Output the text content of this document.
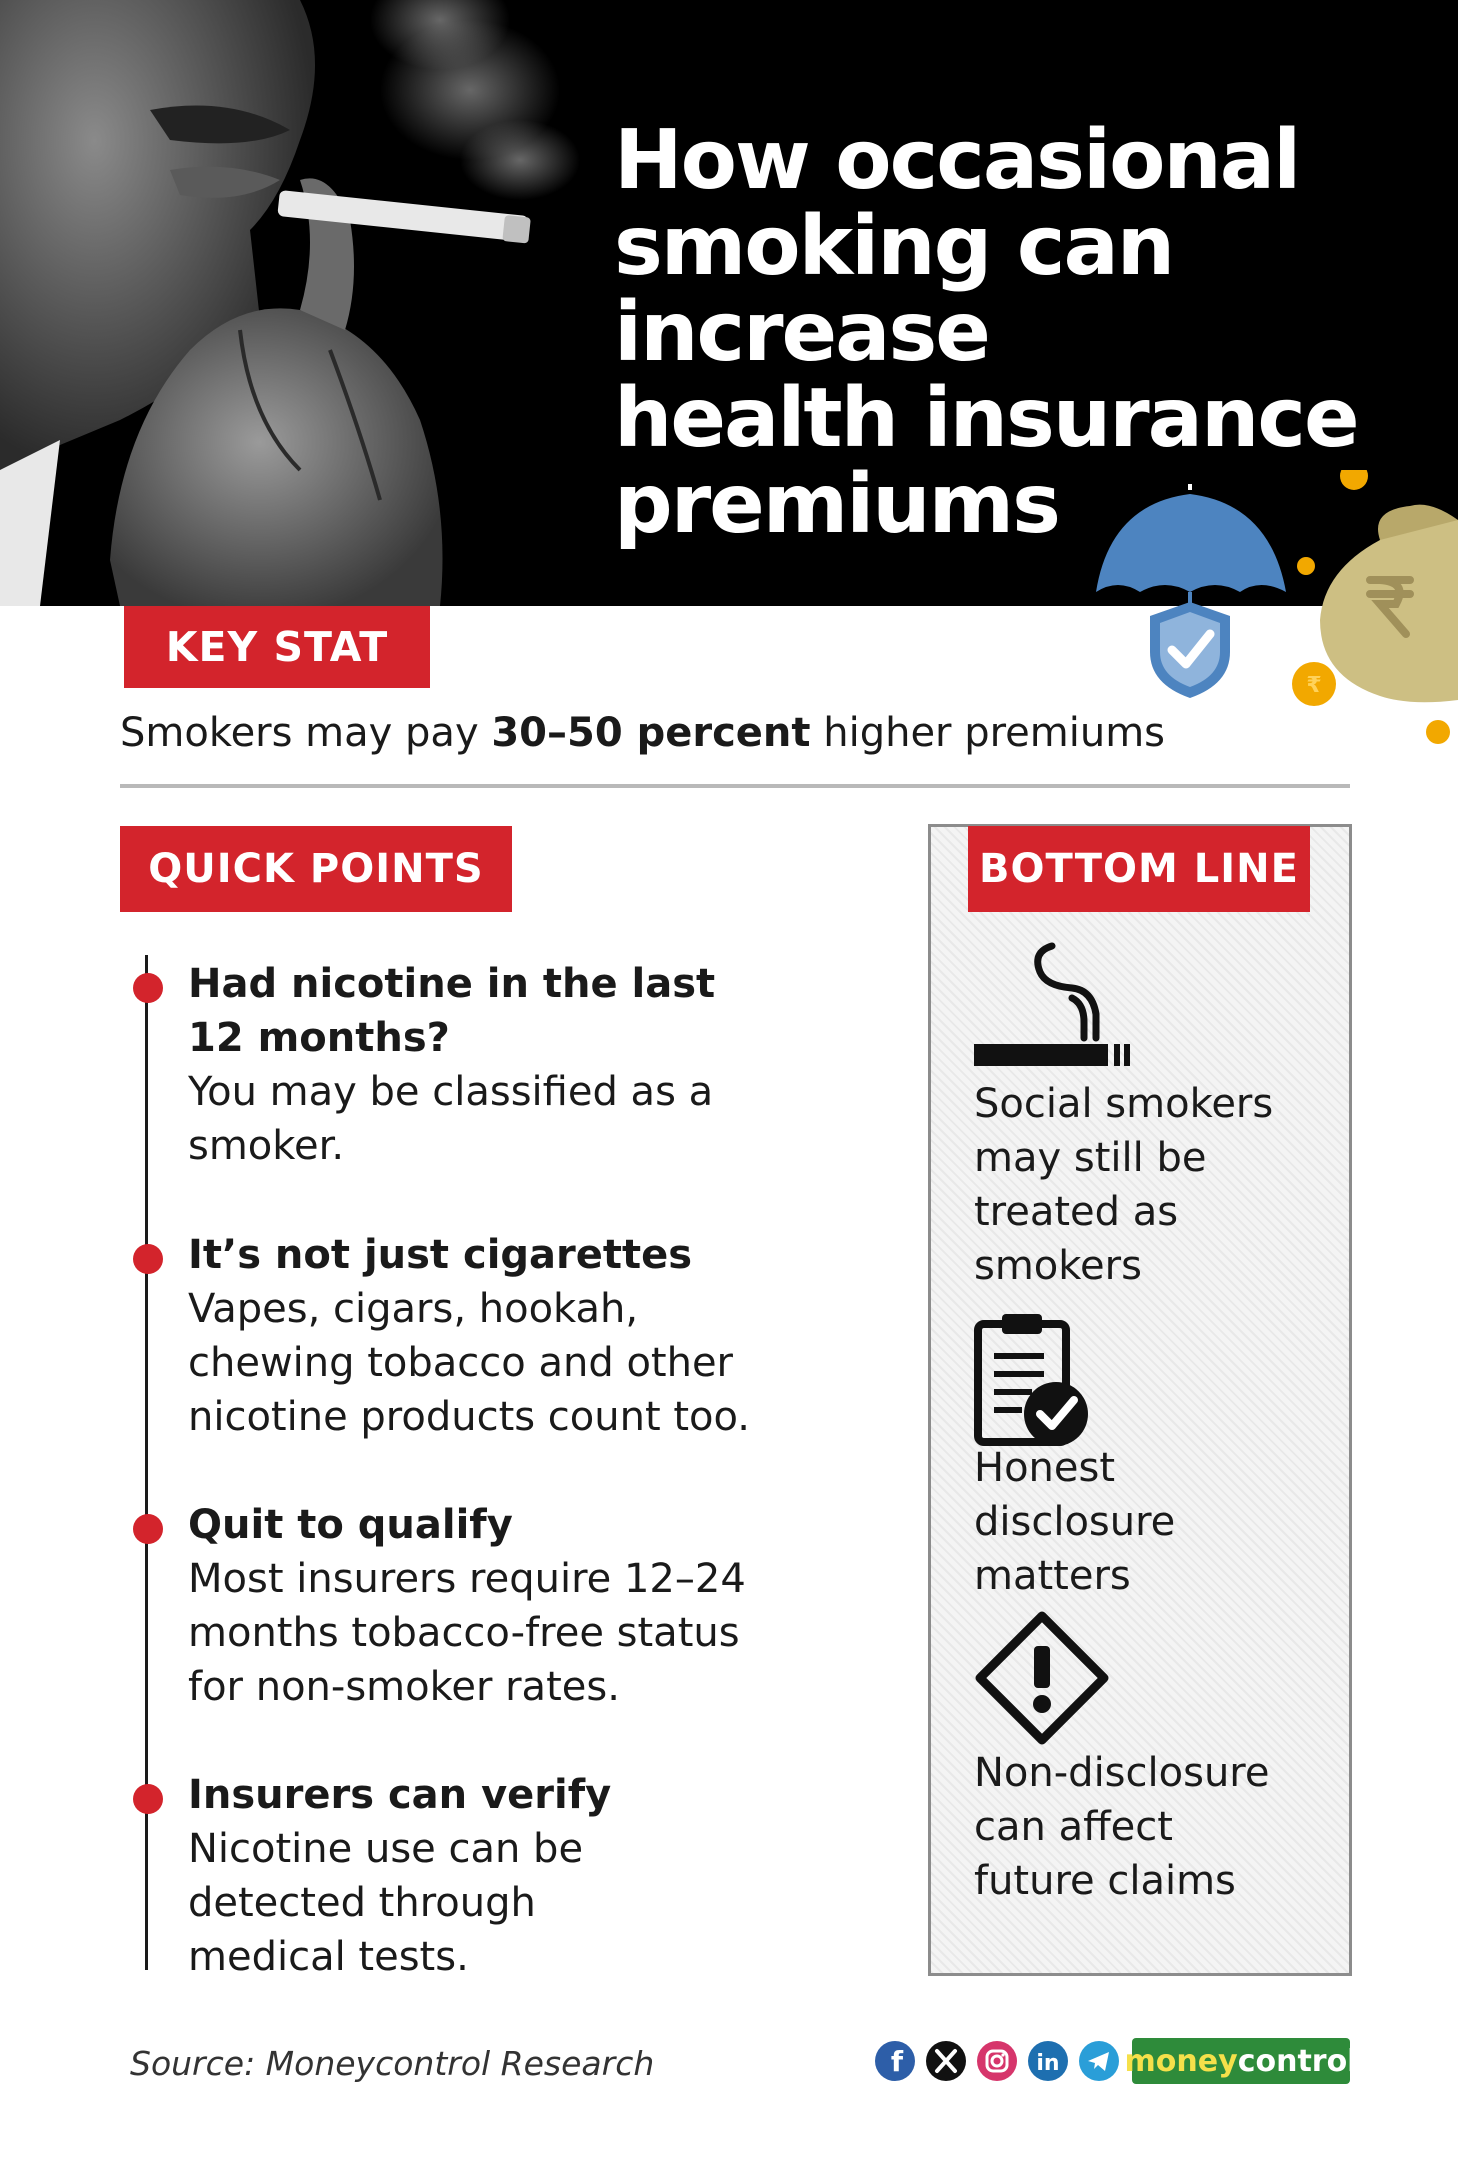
How occasional
smoking can
increase
health insurance
premiums
₹
KEY STAT
Smokers may pay 30–50 percent higher premiums
QUICK POINTS
Had nicotine in the last
12 months?
You may be classified as a
smoker.
It’s not just cigarettes
Vapes, cigars, hookah,
chewing tobacco and other
nicotine products count too.
Quit to qualify
Most insurers require 12–24
months tobacco-free status
for non-smoker rates.
Insurers can verify
Nicotine use can be
detected through
medical tests.
BOTTOM LINE
Social smokers
may still be
treated as
smokers
Honest
disclosure
matters
Non-disclosure
can affect
future claims
Source: Moneycontrol Research	f	in money control
